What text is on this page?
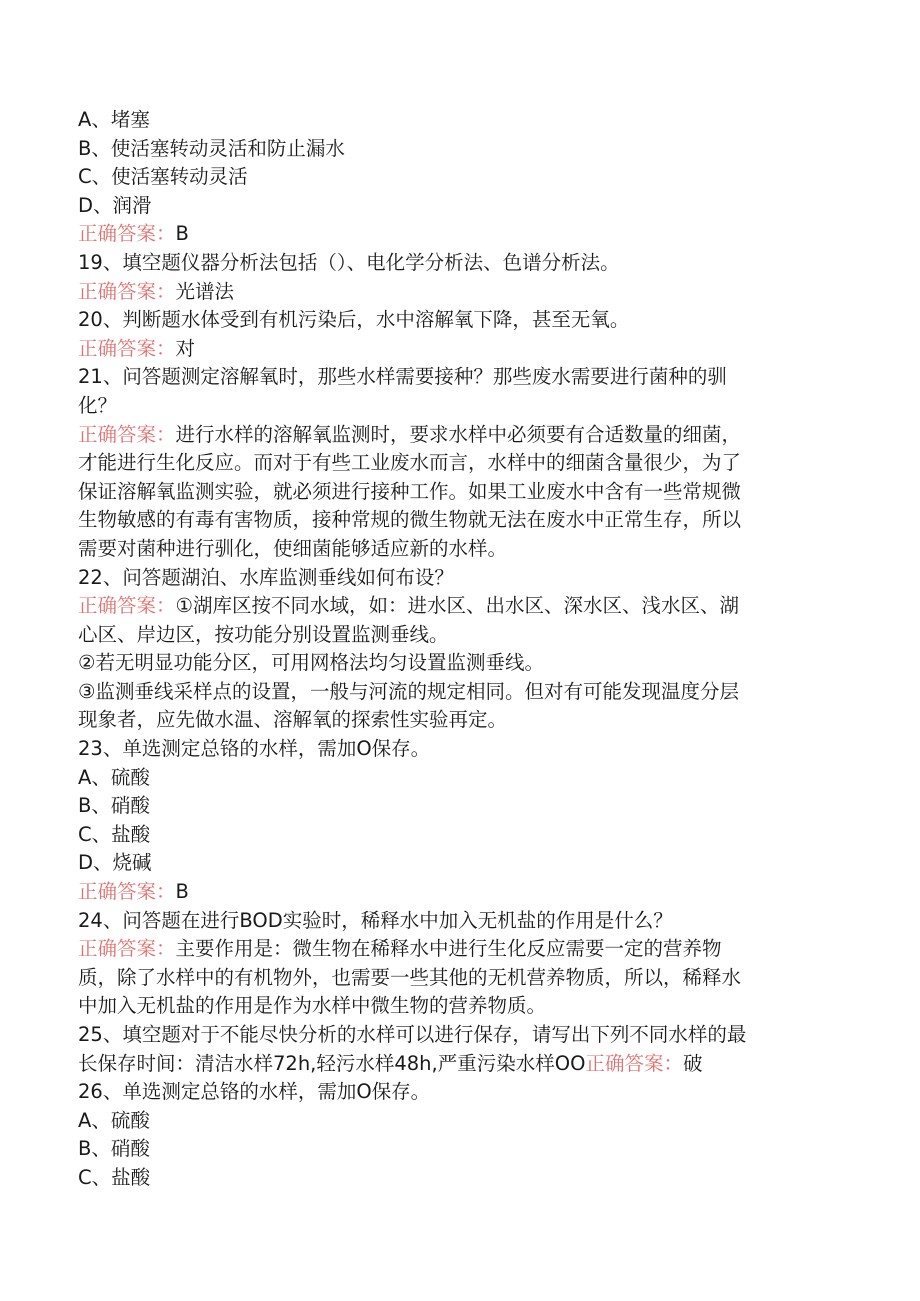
A、堵塞
B、使活塞转动灵活和防止漏水
C、使活塞转动灵活
D、润滑
正确答案：B
19、填空题仪器分析法包括（）、电化学分析法、色谱分析法。
正确答案：光谱法
20、判断题水体受到有机污染后，水中溶解氧下降，甚至无氧。
正确答案：对
21、问答题测定溶解氧时，那些水样需要接种？那些废水需要进行菌种的驯
化？
正确答案：进行水样的溶解氧监测时，要求水样中必须要有合适数量的细菌，
才能进行生化反应。而对于有些工业废水而言，水样中的细菌含量很少，为了
保证溶解氧监测实验，就必须进行接种工作。如果工业废水中含有一些常规微
生物敏感的有毒有害物质，接种常规的微生物就无法在废水中正常生存，所以
需要对菌种进行驯化，使细菌能够适应新的水样。
22、问答题湖泊、水库监测垂线如何布设？
正确答案：①湖库区按不同水域，如：进水区、出水区、深水区、浅水区、湖
心区、岸边区，按功能分别设置监测垂线。
②若无明显功能分区，可用网格法均匀设置监测垂线。
③监测垂线采样点的设置，一般与河流的规定相同。但对有可能发现温度分层
现象者，应先做水温、溶解氧的探索性实验再定。
23、单选测定总铬的水样，需加O保存。
A、硫酸
B、硝酸
C、盐酸
D、烧碱
正确答案：B
24、问答题在进行BOD实验时，稀释水中加入无机盐的作用是什么？
正确答案：主要作用是：微生物在稀释水中进行生化反应需要一定的营养物
质，除了水样中的有机物外，也需要一些其他的无机营养物质，所以，稀释水
中加入无机盐的作用是作为水样中微生物的营养物质。
25、填空题对于不能尽快分析的水样可以进行保存，请写出下列不同水样的最
长保存时间：清洁水样72h,轻污水样48h,严重污染水样OO正确答案：破
26、单选测定总铬的水样，需加O保存。
A、硫酸
B、硝酸
C、盐酸
